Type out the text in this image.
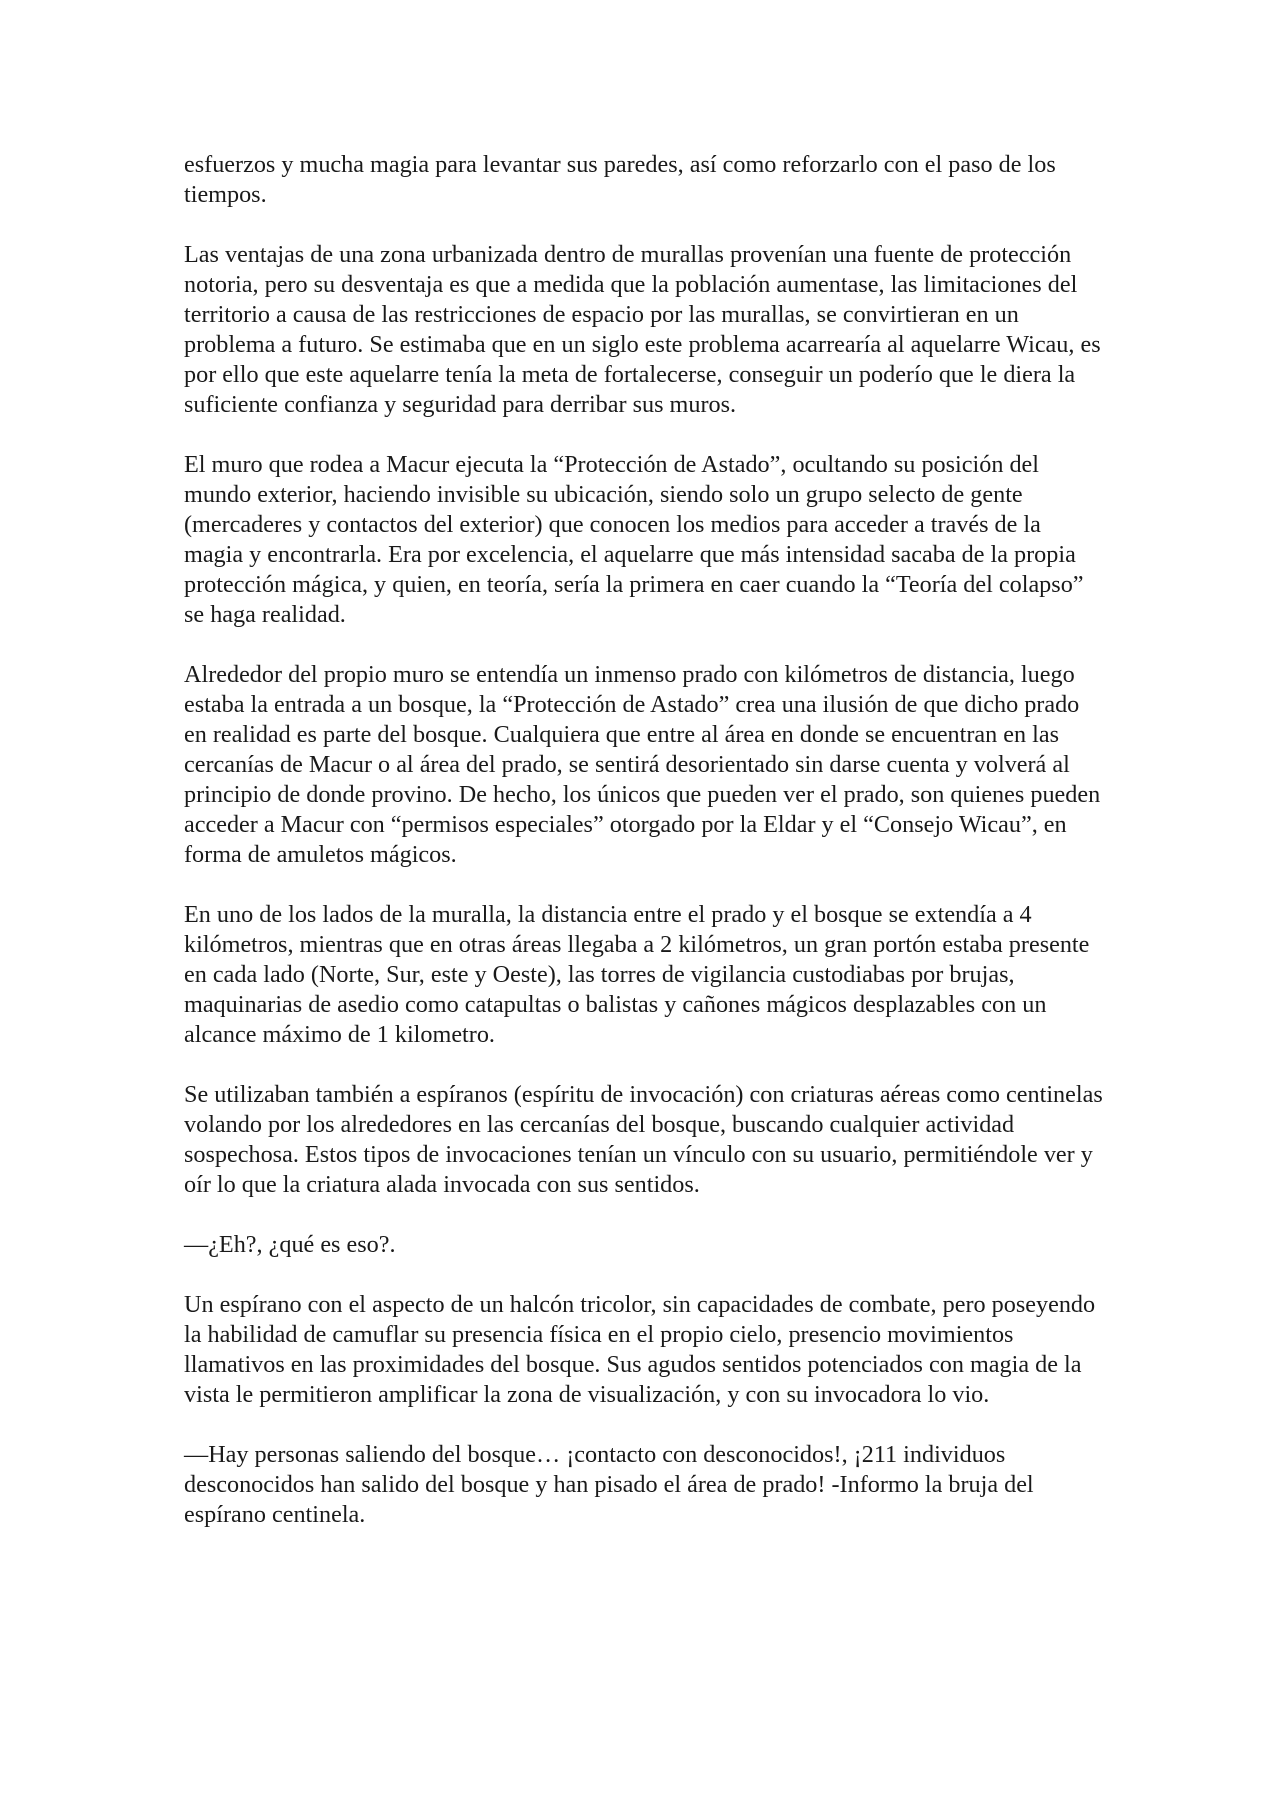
esfuerzos y mucha magia para levantar sus paredes, así como reforzarlo con el paso de los tiempos.

Las ventajas de una zona urbanizada dentro de murallas provenían una fuente de protección notoria, pero su desventaja es que a medida que la población aumentase, las limitaciones del territorio a causa de las restricciones de espacio por las murallas, se convirtieran en un problema a futuro. Se estimaba que en un siglo este problema acarrearía al aquelarre Wicau, es por ello que este aquelarre tenía la meta de fortalecerse, conseguir un poderío que le diera la suficiente confianza y seguridad para derribar sus muros.

El muro que rodea a Macur ejecuta la “Protección de Astado”, ocultando su posición del mundo exterior, haciendo invisible su ubicación, siendo solo un grupo selecto de gente (mercaderes y contactos del exterior) que conocen los medios para acceder a través de la magia y encontrarla. Era por excelencia, el aquelarre que más intensidad sacaba de la propia protección mágica, y quien, en teoría, sería la primera en caer cuando la “Teoría del colapso” se haga realidad.

Alrededor del propio muro se entendía un inmenso prado con kilómetros de distancia, luego estaba la entrada a un bosque, la “Protección de Astado” crea una ilusión de que dicho prado en realidad es parte del bosque. Cualquiera que entre al área en donde se encuentran en las cercanías de Macur o al área del prado, se sentirá desorientado sin darse cuenta y volverá al principio de donde provino. De hecho, los únicos que pueden ver el prado, son quienes pueden acceder a Macur con “permisos especiales” otorgado por la Eldar y el “Consejo Wicau”, en forma de amuletos mágicos.

En uno de los lados de la muralla, la distancia entre el prado y el bosque se extendía a 4 kilómetros, mientras que en otras áreas llegaba a 2 kilómetros, un gran portón estaba presente en cada lado (Norte, Sur, este y Oeste), las torres de vigilancia custodiabas por brujas, maquinarias de asedio como catapultas o balistas y cañones mágicos desplazables con un alcance máximo de 1 kilometro.

Se utilizaban también a espíranos (espíritu de invocación) con criaturas aéreas como centinelas volando por los alrededores en las cercanías del bosque, buscando cualquier actividad sospechosa. Estos tipos de invocaciones tenían un vínculo con su usuario, permitiéndole ver y oír lo que la criatura alada invocada con sus sentidos.

—¿Eh?, ¿qué es eso?.

Un espírano con el aspecto de un halcón tricolor, sin capacidades de combate, pero poseyendo la habilidad de camuflar su presencia física en el propio cielo, presencio movimientos llamativos en las proximidades del bosque. Sus agudos sentidos potenciados con magia de la vista le permitieron amplificar la zona de visualización, y con su invocadora lo vio.

—Hay personas saliendo del bosque… ¡contacto con desconocidos!, ¡211 individuos desconocidos han salido del bosque y han pisado el área de prado! -Informo la bruja del espírano centinela.
